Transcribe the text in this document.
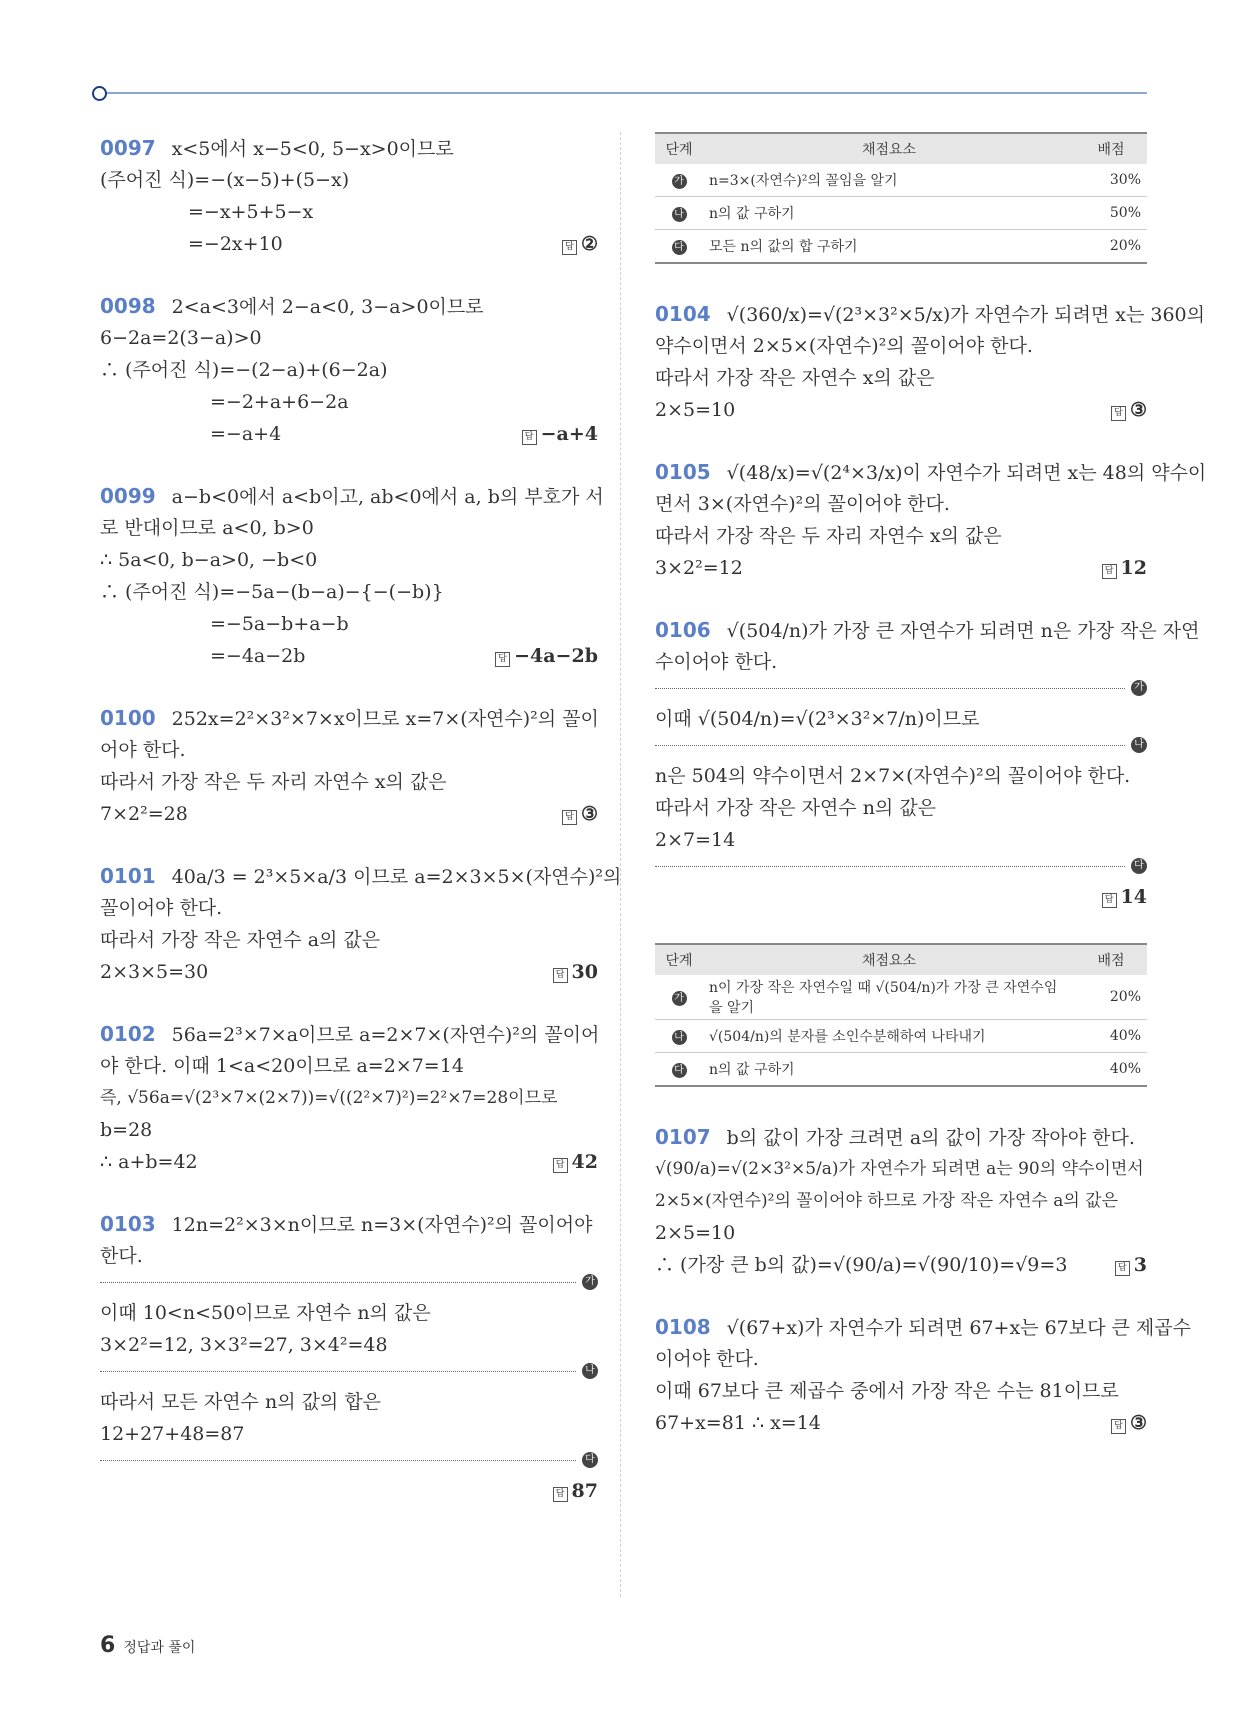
0097 x<5에서 x−5<0, 5−x>0이므로
(주어진 식)=−(x−5)+(5−x)
=−x+5+5−x
=−2x+10	답 ②
0098 2<a<3에서 2−a<0, 3−a>0이므로
6−2a=2(3−a)>0
∴ (주어진 식)=−(2−a)+(6−2a)
=−2+a+6−2a
=−a+4	답 −a+4
0099 a−b<0에서 a<b이고, ab<0에서 a, b의 부호가 서
로 반대이므로 a<0, b>0
∴ 5a<0, b−a>0, −b<0
∴ (주어진 식)=−5a−(b−a)−{−(−b)}
=−5a−b+a−b
=−4a−2b	답 −4a−2b
0100 252x=2²×3²×7×x이므로 x=7×(자연수)²의 꼴이
어야 한다.
따라서 가장 작은 두 자리 자연수 x의 값은
7×2²=28	답 ③
0101 40a/3 = 2³×5×a/3 이므로 a=2×3×5×(자연수)²의
꼴이어야 한다.
따라서 가장 작은 자연수 a의 값은
2×3×5=30	답 30
0102 56a=2³×7×a이므로 a=2×7×(자연수)²의 꼴이어
야 한다. 이때 1<a<20이므로 a=2×7=14
즉, √56a=√(2³×7×(2×7))=√((2²×7)²)=2²×7=28이므로
b=28
∴ a+b=42	답 42
0103 12n=2²×3×n이므로 n=3×(자연수)²의 꼴이어야
한다.
가
이때 10<n<50이므로 자연수 n의 값은
3×2²=12, 3×3²=27, 3×4²=48
나
따라서 모든 자연수 n의 값의 합은
12+27+48=87
다
답 87
단계	채점요소	배점
가	n=3×(자연수)²의 꼴임을 알기	30%
나	n의 값 구하기	50%
다	모든 n의 값의 합 구하기	20%
0104 √(360/x)=√(2³×3²×5/x)가 자연수가 되려면 x는 360의
약수이면서 2×5×(자연수)²의 꼴이어야 한다.
따라서 가장 작은 자연수 x의 값은
2×5=10	답 ③
0105 √(48/x)=√(2⁴×3/x)이 자연수가 되려면 x는 48의 약수이
면서 3×(자연수)²의 꼴이어야 한다.
따라서 가장 작은 두 자리 자연수 x의 값은
3×2²=12	답 12
0106 √(504/n)가 가장 큰 자연수가 되려면 n은 가장 작은 자연
수이어야 한다.
가
이때 √(504/n)=√(2³×3²×7/n)이므로
나
n은 504의 약수이면서 2×7×(자연수)²의 꼴이어야 한다.
따라서 가장 작은 자연수 n의 값은
2×7=14
다
답 14
단계	채점요소	배점
가	n이 가장 작은 자연수일 때 √(504/n)가 가장 큰 자연수임을 알기	20%
나	√(504/n)의 분자를 소인수분해하여 나타내기	40%
다	n의 값 구하기	40%
0107 b의 값이 가장 크려면 a의 값이 가장 작아야 한다.
√(90/a)=√(2×3²×5/a)가 자연수가 되려면 a는 90의 약수이면서
2×5×(자연수)²의 꼴이어야 하므로 가장 작은 자연수 a의 값은
2×5=10
∴ (가장 큰 b의 값)=√(90/a)=√(90/10)=√9=3	답 3
0108 √(67+x)가 자연수가 되려면 67+x는 67보다 큰 제곱수
이어야 한다.
이때 67보다 큰 제곱수 중에서 가장 작은 수는 81이므로
67+x=81 ∴ x=14	답 ③
6 정답과 풀이
